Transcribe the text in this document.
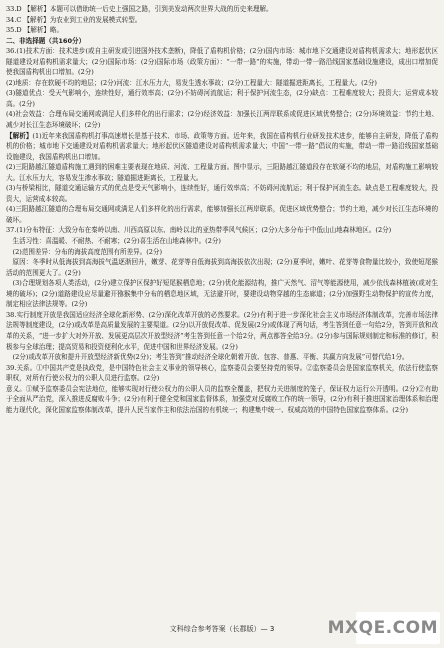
33.D 【解析】本题可以借助统一后史上强国之路，引到美发动两次世界大战的历史来理解。

34.C 【解析】为农业到工业的发展模式转型。

35.D 【解析】略。

二、非选择题（共160分）

36.(1)技术方面：技术进步(或自主研发或引进国外技术垄断)，降低了盾构机价格；(2分)国内市场：城市地下交通建设对盾构机需求大；地形起伏区隧道建设对盾构机需求量大；(2分)国际市场：(2分)国际市场（政策方面）：“一带一路”的实施，带动一带一路沿线国家基础设施建设，成出口增加促使我国盾构机出口增加。(2分)

(2)地质：存在软硬不均的地层；(2分)河流：江水压力大，易发生透水事故；(2分)工程量大：隧道掘进距离长，工程量大。(2分)

(3)隧道优点：受天气影响小，连续性好，通行效率高；(2分)不妨碍河流航运；利于保护河流生态，(2分)缺点：工程难度较大；投资大；运营成本较高。(2分)

(4)社会效益：合理布局交通网或满足人们多样化的出行需求；(2分)经济效益：加强长江两岸联系或促进区域优势整合；(2分)环境效益：节约土地、减少对长江生态环境破坏；(2分)

【解析】(1)近年来我国盾构机打事高速增长是基于技术、市场、政策等方面。近年来，我国在盾构机行业研发技术进步，能够自主研发，降低了盾构机的价格；城市地下交通建设对盾构机需求量大；地形起伏区隧道建设对盾构机需求量大；中国“一带一路”倡议的实施，带动一带一路沿线国家基础设施建设，我国盾构机出口增加。

(2)三阳路越江隧道盾构施工遇到的困难主要表现在地质、河流、工程量方面。图中显示，三阳路越江隧道段存在软硬不均的地层，对盾构施工影响较大。江水压力大，容易发生渗水事故；隧道掘进距离长，工程量大。

(3)与桥梁相比，隧道交通运输方式的优点是受天气影响小，连续性好，通行效率高；不妨碍河流航运；利于保护河流生态。缺点是工程难度较大，投资大，运营成本较高。

(4)三阳路越江隧道的合理布局交通网或满足人们多样化的出行需求，能够加强长江两岸联系，促进区域优势整合；节约土地，减少对长江生态环境的破坏。

37.(1)分布特征：大致分布在秦岭以南、川西高原以东、南岭以北的亚热带季风气候区；(2分)大多分布于中低山山地森林地区。(2分)

生活习性：喜温暖、不耐热、不耐寒；(2分)喜生活在山地森林中。(2分)

(2)范围差异：分布的海拔高度范围有所差异。(2分)

原因：冬季时从低海拔到高海拔气温逐渐回升，嫩芽、花芽等自低海拔到高海拔依次出现；(2分)夏季时，嫩叶、花芽等食物量比较小，致使短尾猴活动的范围更大了。(2分)

(3)合理规划各项人类活动，(2分)建立保护区保护好短尾猴栖息地；(2分)优化能源结构，推广天然气、沼气等能源使用，减少依伐森林植被(或对生境的破坏)；(2分)道路建设应尽量避开猕猴集中分布的栖息地区域，无法避开时，要建设动物穿越的生态廊道；(2分)加强野生动物保护的宣传力度，制定相应法律法规等。(2分)

38.实行制度开放是我国适应经济全球化新形势、(2分)深化改革开放的必然要求。(2分)有利于进一步深化社会主义市场经济体制改革，完善市场法律法规等制度建设，(2分)或改革是高质量发展的主要渠道。(2分)以开放促改革、促发展(2分)或体现了两句话，考生答到任意一句给2分，答到开放和改革的关系，“进一步扩大对外开放、发展更高层次开放型经济”考生答到任意一个给2分，两点都答全给3分。(2分)参与国际规则制定和标准的修订，积极参与全球治理；提高贸易和投资便利化水平，促进中国和世界经济发展。(2分)

(2分)或改革开放和提升开放型经济新优势(2分)；考生答到“推动经济全球化朝着开放、包容、普惠、平衡、共赢方向发展”可替代给1分。

39.关系。①中国共产党是执政党，是中国特色社会主义事业的领导核心，监察委员会要坚持党的领导。②监察委员会是国家监察机关，依法行使监察职权，对所有行使公权力的公职人员进行监察。(2分)

意义。①赋予监察委员会宪法地位，能够实现对行使公权力的公职人员的监察全覆盖，把权力关进制度的笼子，保证权力运行公开透明。(2分)②有助于全面从严治党，深入推进反腐败斗争；(2分)有利于健全党和国家监督体系，加强党对反腐败工作的统一领导，(2分)有利于推进国家治理体系和治理能力现代化，深化国家监察体制改革，提升人民当家作主和依法治国的有机统一；构建集中统一、权威高效的中国特色国家监察体系。(2分)

文科综合参考答案（长郡版）— 3	MXQE.COM
